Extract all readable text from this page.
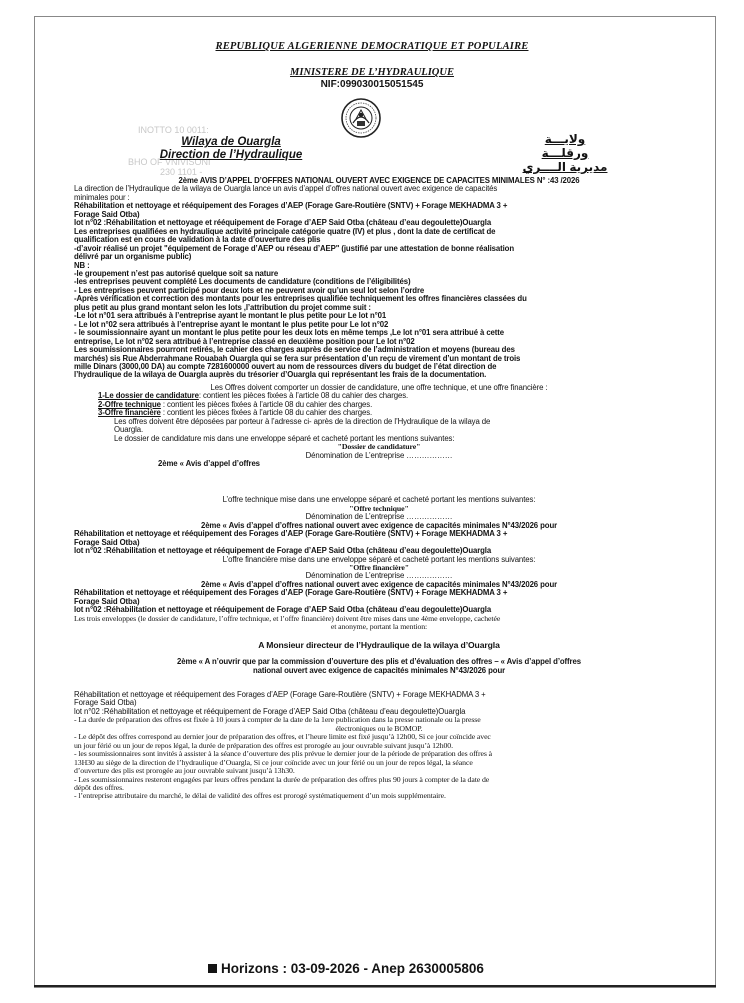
REPUBLIQUE ALGERIENNE DEMOCRATIQUE ET POPULAIRE
MINISTERE DE L’HYDRAULIQUE
NIF:099030015051545
INOTTO 10 0011:
BHO OF VNIVISONI
230 1101 -
Wilaya de Ouargla
Direction de l’Hydraulique
ولايـــة ورقلـــة
مديرية الــــري
2ème AVIS D’APPEL D’OFFRES NATIONAL OUVERT AVEC EXIGENCE DE CAPACITES MINIMALES N° :43 /2026
La direction de l’Hydraulique de la wilaya de Ouargla lance un avis d’appel d’offres national ouvert avec exigence de capacités
minimales pour :
Réhabilitation et nettoyage et rééquipement des Forages d’AEP (Forage Gare-Routière (SNTV) + Forage MEKHADMA 3 +
Forage Said Otba)
lot n°02 :Réhabilitation et nettoyage et rééquipement de Forage d’AEP Said Otba (château d’eau degoulette)Ouargla
Les entreprises qualifiées en hydraulique activité principale catégorie quatre (IV) et plus , dont la date de certificat de
qualification est en cours de validation à la date d’ouverture des plis
-d’avoir réalisé un projet "équipement de Forage d’AEP ou réseau d’AEP" (justifié par une attestation de bonne réalisation
délivré par un organisme public)
NB :
-le groupement n’est pas autorisé quelque soit sa nature
-les entreprises peuvent complété Les documents de candidature (conditions de l’éligibilités)
- Les entreprises peuvent participé pour deux lots et ne peuvent avoir qu’un seul lot selon l’ordre
-Après vérification et correction des montants pour les entreprises qualifiée techniquement les offres financières classées du
plus petit au plus grand montant selon les lots ,l’attribution du projet comme suit :
-Le lot n°01 sera attribués à l’entreprise ayant le montant le plus petite pour Le lot n°01
- Le lot n°02 sera attribués à l’entreprise ayant le montant le plus petite pour Le lot n°02
- le soumissionnaire ayant un montant le plus petite pour les deux lots en même temps ,Le lot n°01 sera attribué à cette
entreprise, Le lot n°02 sera attribué à l’entreprise classé en deuxième position pour Le lot n°02
Les soumissionnaires pourront retirés, le cahier des charges auprès de service de l’administration et moyens (bureau des
marchés) sis Rue Abderrahmane Rouabah Ouargla qui se fera sur présentation d’un reçu de virement d’un montant de trois
mille Dinars (3000,00 DA) au compte 7281600000 ouvert au nom de ressources divers du budget de l’état direction de
l’hydraulique de la wilaya de Ouargla auprès du trésorier d’Ouargla qui représentant les frais de la documentation.
Les Offres doivent comporter un dossier de candidature, une offre technique, et une offre financière :
1-Le dossier de candidature: contient les pièces fixées à l’article 08 du cahier des charges.
2-Offre technique : contient les pièces fixées à l’article 08 du cahier des charges.
3-Offre financière : contient les pièces fixées à l’article 08 du cahier des charges.
Les offres doivent être déposées par porteur à l’adresse ci- après de la direction de l’Hydraulique de la wilaya de
Ouargla.
Le dossier de candidature mis dans une enveloppe séparé et cacheté portant les mentions suivantes:
"Dossier de candidature"
Dénomination de L’entreprise ………………
2ème « Avis d’appel d’offres
L’offre technique mise dans une enveloppe séparé et cacheté portant les mentions suivantes:
"Offre technique"
Dénomination de L’entreprise ………………
2ème « Avis d’appel d’offres national ouvert avec exigence de capacités minimales N°43/2026 pour
Réhabilitation et nettoyage et rééquipement des Forages d’AEP (Forage Gare-Routière (SNTV) + Forage MEKHADMA 3 +
Forage Said Otba)
lot n°02 :Réhabilitation et nettoyage et rééquipement de Forage d’AEP Said Otba (château d’eau degoulette)Ouargla
L’offre financière mise dans une enveloppe séparé et cacheté portant les mentions suivantes:
"Offre financière"
Dénomination de L’entreprise ………………
2ème « Avis d’appel d’offres national ouvert avec exigence de capacités minimales N°43/2026 pour
Réhabilitation et nettoyage et rééquipement des Forages d’AEP (Forage Gare-Routière (SNTV) + Forage MEKHADMA 3 +
Forage Said Otba)
lot n°02 :Réhabilitation et nettoyage et rééquipement de Forage d’AEP Said Otba (château d’eau degoulette)Ouargla
Les trois enveloppes (le dossier de candidature, l’offre technique, et l’offre financière) doivent être mises dans une 4ème enveloppe, cachetée
et anonyme, portant la mention:
A Monsieur directeur de l’Hydraulique de la wilaya d’Ouargla
2ème « A n’ouvrir que par la commission d’ouverture des plis et d’évaluation des offres – « Avis d’appel d’offres
national ouvert avec exigence de capacités minimales N°43/2026 pour
Réhabilitation et nettoyage et rééquipement des Forages d’AEP (Forage Gare-Routière (SNTV) + Forage MEKHADMA 3 +
Forage Said Otba)
lot n°02 :Réhabilitation et nettoyage et rééquipement de Forage d’AEP Said Otba (château d’eau degoulette)Ouargla
- La durée de préparation des offres est fixée à 10 jours à compter de la date de la 1ere publication dans la presse nationale ou la presse
électroniques ou le BOMOP.
- Le dépôt des offres correspond au dernier jour de préparation des offres, et l’heure limite est fixé jusqu’à 12h00, Si ce jour coïncide avec
un jour férié ou un jour de repos légal, la durée de préparation des offres est prorogée au jour ouvrable suivant jusqu’à 12h00.
- les soumissionnaires sont invités à assister à la séance d’ouverture des plis prévue le dernier jour de la période de préparation des offres à
13H30 au siège de la direction de l’hydraulique d’Ouargla, Si ce jour coïncide avec un jour férié ou un jour de repos légal, la séance
d’ouverture des plis est prorogée au jour ouvrable suivant jusqu’à 13h30.
- Les soumissionnaires resteront engagées par leurs offres pendant la durée de préparation des offres plus 90 jours à compter de la date de
dépôt des offres.
- l’entreprise attributaire du marché, le délai de validité des offres est prorogé systématiquement d’un mois supplémentaire.
Horizons : 03-09-2026 - Anep 2630005806
